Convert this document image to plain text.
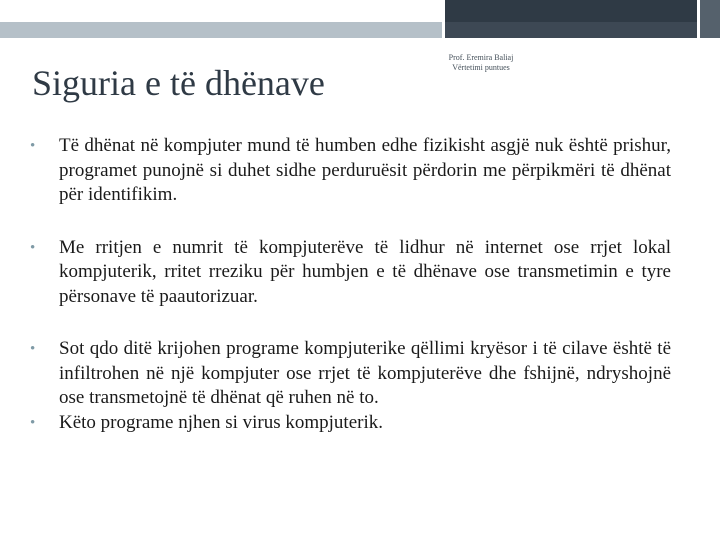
Siguria e të dhënave
Prof. Eremira Baliaj
Vërtetimi puntues
• Të dhënat në kompjuter mund të humben edhe fizikisht asgjë nuk është prishur, programet punojnë si duhet sidhe perduruësit përdorin me përpikmëri të dhënat për identifikim.
• Me rritjen e numrit të kompjuterëve të lidhur në internet ose rrjet lokal kompjuterik, rritet rreziku për humbjen e të dhënave ose transmetimin e tyre përsonave të paautorizuar.
• Sot qdo ditë krijohen programe kompjuterike qëllimi kryësor i të cilave është të infiltrohen në një kompjuter ose rrjet të kompjuterëve dhe fshijnë, ndryshojnë ose transmetojnë të dhënat që ruhen në to.
• Këto programe njhen si virus kompjuterik.
